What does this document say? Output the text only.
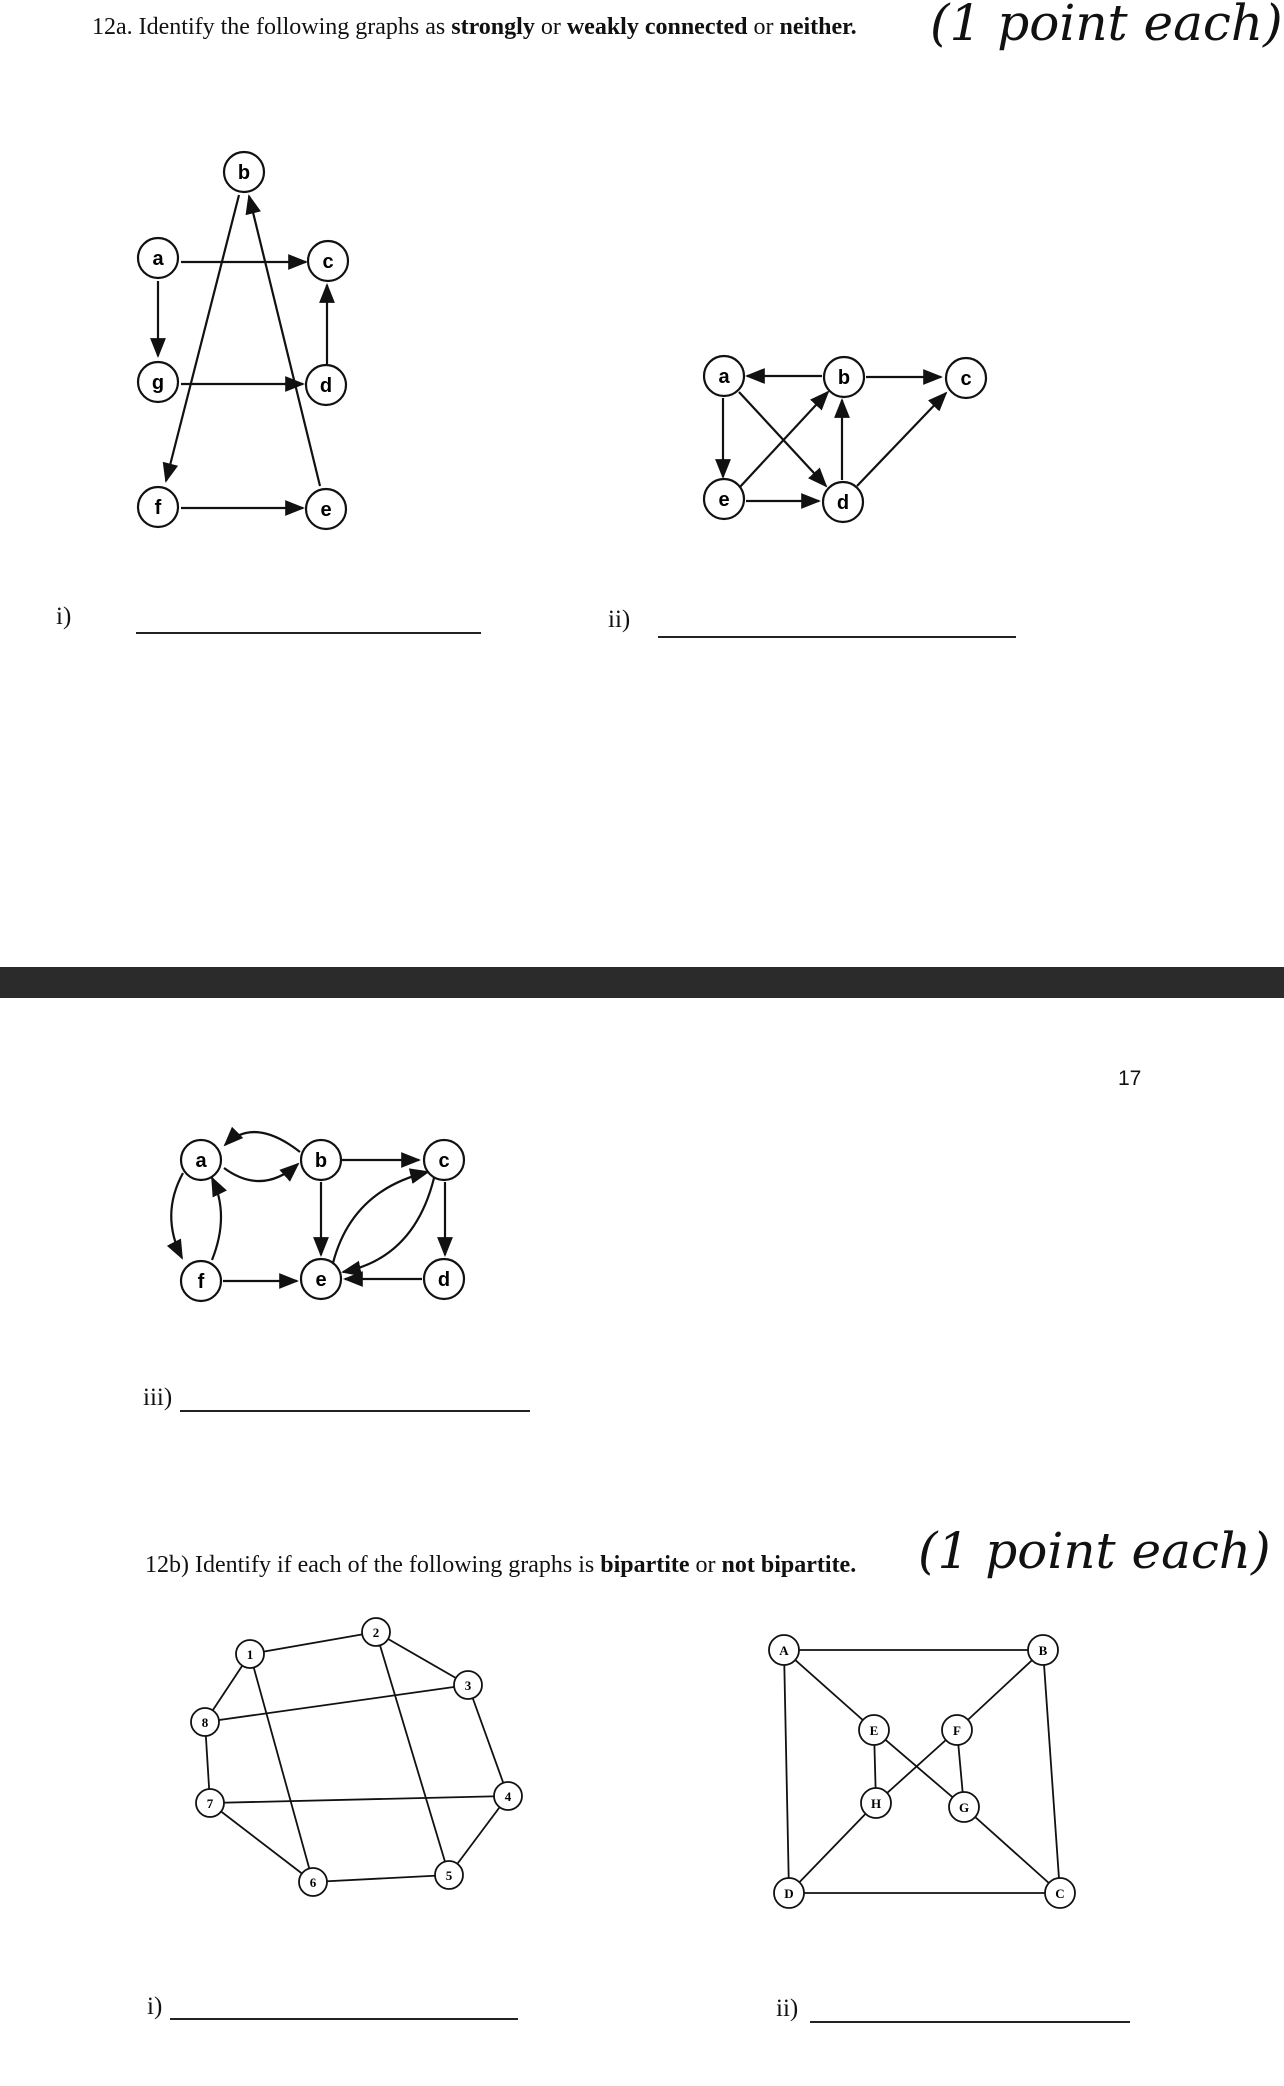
12a. Identify the following graphs as strongly or weakly connected or neither. (1 point each)
a
b
c
d
e
f
g	a	b	c
d
e
a	b	c
d
e
f
1
2
3
4
5
6
7
8
A	B
C
D
E	F
G
H
i)	ii)
17
iii)
12b) Identify if each of the following graphs is bipartite or not bipartite. (1 point each)
i)	ii)
